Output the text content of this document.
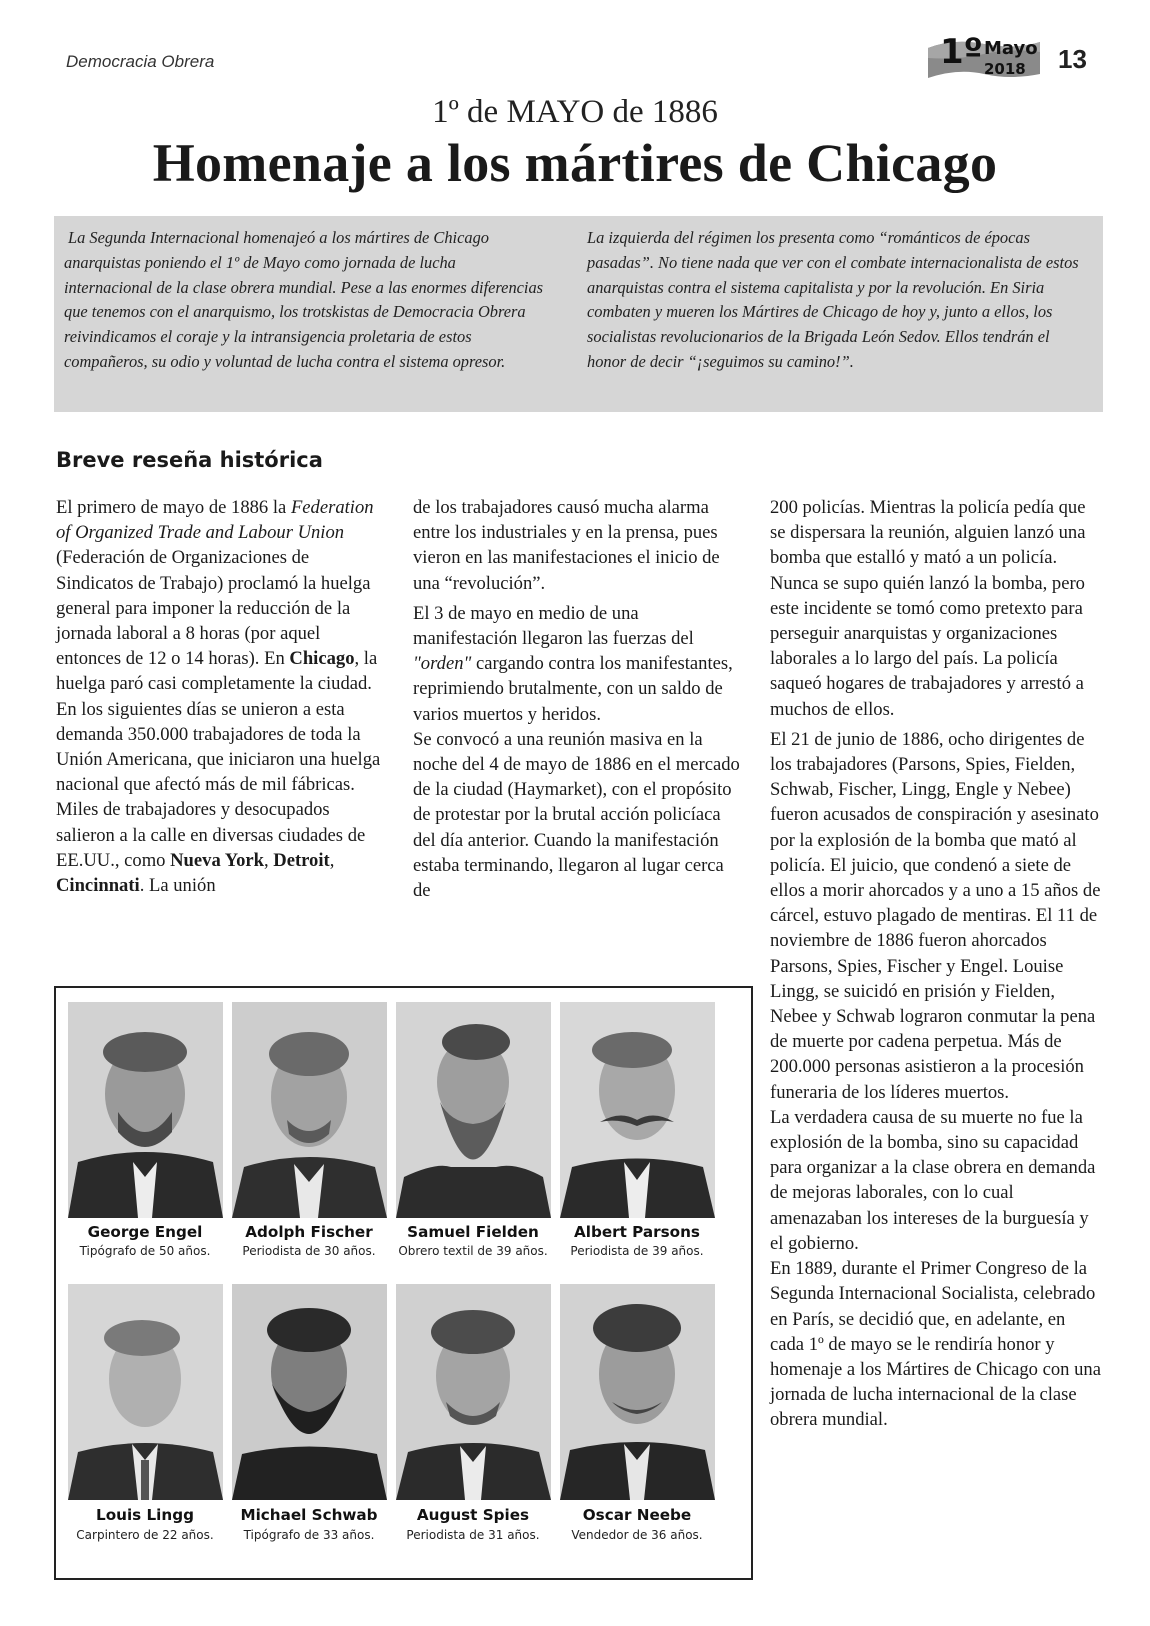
Democracia Obrera	1º Mayo
2018 13
1º de MAYO de 1886
Homenaje a los mártires de Chicago
La Segunda Internacional homenajeó a los mártires de Chicago anarquistas poniendo el 1º de Mayo como jornada de lucha internacional de la clase obrera mundial. Pese a las enormes diferencias que tenemos con el anarquismo, los trotskistas de Democracia Obrera reivindicamos el coraje y la intransigencia proletaria de estos compañeros, su odio y voluntad de lucha contra el sistema opresor.
La izquierda del régimen los presenta como “románticos de épocas pasadas”. No tiene nada que ver con el combate internacionalista de estos anarquistas contra el sistema capitalista y por la revolución. En Siria combaten y mueren los Mártires de Chicago de hoy y, junto a ellos, los socialistas revolucionarios de la Brigada León Sedov. Ellos tendrán el honor de decir “¡seguimos su camino!”.
Breve reseña histórica

El primero de mayo de 1886 la Federation of Organized Trade and Labour Union (Federación de Organizaciones de Sindicatos de Trabajo) proclamó la huelga general para imponer la reducción de la jornada laboral a 8 horas (por aquel entonces de 12 o 14 horas). En Chicago, la huelga paró casi completamente la ciudad. En los siguientes días se unieron a esta demanda 350.000 trabajadores de toda la Unión Americana, que iniciaron una huelga nacional que afectó más de mil fábricas. Miles de trabajadores y desocupados salieron a la calle en diversas ciudades de EE.UU., como Nueva York, Detroit, Cincinnati. La unión

de los trabajadores causó mucha alarma entre los industriales y en la prensa, pues vieron en las manifestaciones el inicio de una “revolución”.

El 3 de mayo en medio de una manifestación llegaron las fuerzas del "orden" cargando contra los manifestantes, reprimiendo brutalmente, con un saldo de varios muertos y heridos.

Se convocó a una reunión masiva en la noche del 4 de mayo de 1886 en el mercado de la ciudad (Haymarket), con el propósito de protestar por la brutal acción policíaca del día anterior. Cuando la manifestación estaba terminando, llegaron al lugar cerca de

200 policías. Mientras la policía pedía que se dispersara la reunión, alguien lanzó una bomba que estalló y mató a un policía. Nunca se supo quién lanzó la bomba, pero este incidente se tomó como pretexto para perseguir anarquistas y organizaciones laborales a lo largo del país. La policía saqueó hogares de trabajadores y arrestó a muchos de ellos.

El 21 de junio de 1886, ocho dirigentes de los trabajadores (Parsons, Spies, Fielden, Schwab, Fischer, Lingg, Engle y Nebee) fueron acusados de conspiración y asesinato por la explosión de la bomba que mató al policía. El juicio, que condenó a siete de ellos a morir ahorcados y a uno a 15 años de cárcel, estuvo plagado de mentiras. El 11 de noviembre de 1886 fueron ahorcados Parsons, Spies, Fischer y Engel. Louise Lingg, se suicidó en prisión y Fielden, Nebee y Schwab lograron conmutar la pena de muerte por cadena perpetua. Más de 200.000 personas asistieron a la procesión funeraria de los líderes muertos.

La verdadera causa de su muerte no fue la explosión de la bomba, sino su capacidad para organizar a la clase obrera en demanda de mejoras laborales, con lo cual amenazaban los intereses de la burguesía y el gobierno.

En 1889, durante el Primer Congreso de la Segunda Internacional Socialista, celebrado en París, se decidió que, en adelante, en cada 1º de mayo se le rendiría honor y homenaje a los Mártires de Chicago con una jornada de lucha internacional de la clase obrera mundial.

George Engel
Tipógrafo de 50 años.
Adolph Fischer
Periodista de 30 años.
Samuel Fielden
Obrero textil de 39 años.
Albert Parsons
Periodista de 39 años.
Louis Lingg
Carpintero de 22 años.
Michael Schwab
Tipógrafo de 33 años.
August Spies
Periodista de 31 años.
Oscar Neebe
Vendedor de 36 años.
